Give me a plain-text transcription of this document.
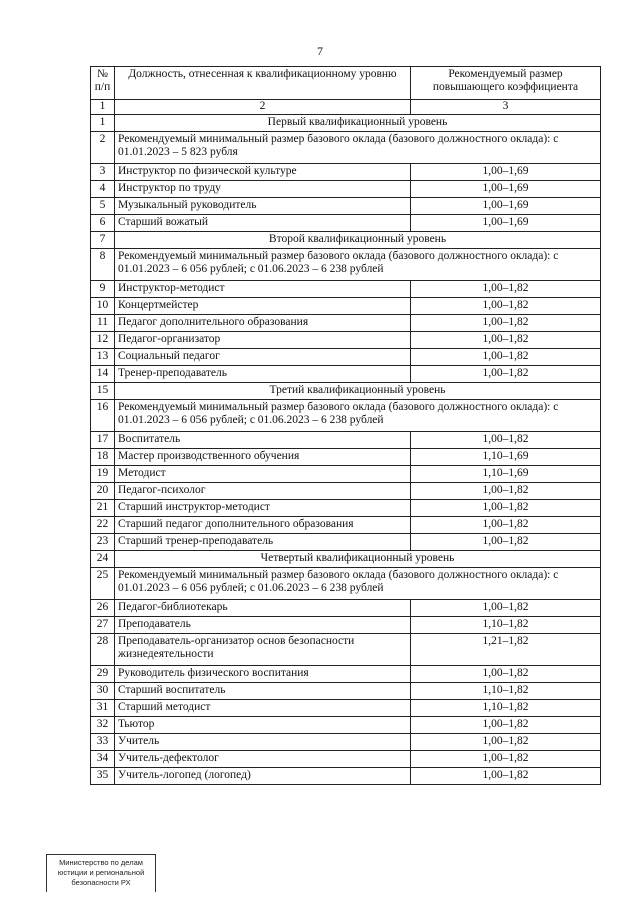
7
№ п/п	Должность, отнесенная к квалификационному уровню	Рекомендуемый размер повышающего коэффициента
1	2	3
1	Первый квалификационный уровень	
2	Рекомендуемый минимальный размер базового оклада (базового должностного оклада): с 01.01.2023 – 5 823 рубля	
3	Инструктор по физической культуре	1,00–1,69
4	Инструктор по труду	1,00–1,69
5	Музыкальный руководитель	1,00–1,69
6	Старший вожатый	1,00–1,69
7	Второй квалификационный уровень	
8	Рекомендуемый минимальный размер базового оклада (базового должностного оклада): с 01.01.2023 – 6 056 рублей; с 01.06.2023 – 6 238 рублей	
9	Инструктор-методист	1,00–1,82
10	Концертмейстер	1,00–1,82
11	Педагог дополнительного образования	1,00–1,82
12	Педагог-организатор	1,00–1,82
13	Социальный педагог	1,00–1,82
14	Тренер-преподаватель	1,00–1,82
15	Третий квалификационный уровень	
16	Рекомендуемый минимальный размер базового оклада (базового должностного оклада): с 01.01.2023 – 6 056 рублей; с 01.06.2023 – 6 238 рублей	
17	Воспитатель	1,00–1,82
18	Мастер производственного обучения	1,10–1,69
19	Методист	1,10–1,69
20	Педагог-психолог	1,00–1,82
21	Старший инструктор-методист	1,00–1,82
22	Старший педагог дополнительного образования	1,00–1,82
23	Старший тренер-преподаватель	1,00–1,82
24	Четвертый квалификационный уровень	
25	Рекомендуемый минимальный размер базового оклада (базового должностного оклада): с 01.01.2023 – 6 056 рублей; с 01.06.2023 – 6 238 рублей	
26	Педагог-библиотекарь	1,00–1,82
27	Преподаватель	1,10–1,82
28	Преподаватель-организатор основ безопасности жизнедеятельности	1,21–1,82
29	Руководитель физического воспитания	1,00–1,82
30	Старший воспитатель	1,10–1,82
31	Старший методист	1,10–1,82
32	Тьютор	1,00–1,82
33	Учитель	1,00–1,82
34	Учитель-дефектолог	1,00–1,82
35	Учитель-логопед (логопед)	1,00–1,82
Министерство по делам
юстиции и региональной
безопасности РХ
